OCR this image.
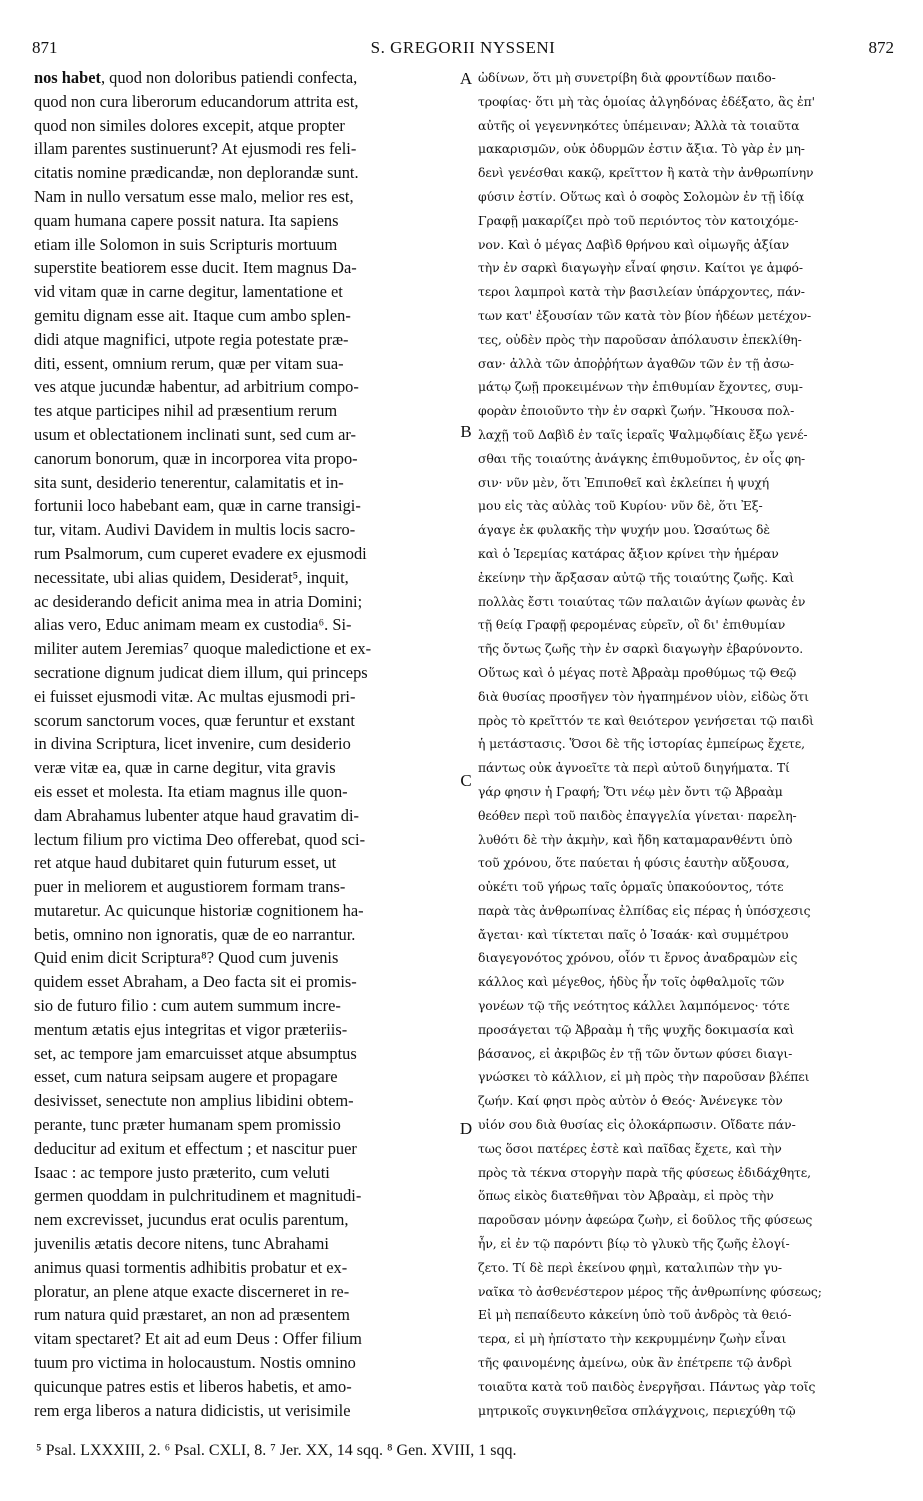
871	S. GREGORII NYSSENI	872
nos habet, quod non doloribus patiendi confecta,
quod non cura liberorum educandorum attrita est,
quod non similes dolores excepit, atque propter
illam parentes sustinuerunt? At ejusmodi res feli-
citatis nomine prædicandæ, non deplorandæ sunt.
Nam in nullo versatum esse malo, melior res est,
quam humana capere possit natura. Ita sapiens
etiam ille Solomon in suis Scripturis mortuum
superstite beatiorem esse ducit. Item magnus Da-
vid vitam quæ in carne degitur, lamentatione et
gemitu dignam esse ait. Itaque cum ambo splen-
didi atque magnifici, utpote regia potestate præ-
diti, essent, omnium rerum, quæ per vitam sua-
ves atque jucundæ habentur, ad arbitrium compo-
tes atque participes nihil ad præsentium rerum
usum et oblectationem inclinati sunt, sed cum ar-
canorum bonorum, quæ in incorporea vita propo-
sita sunt, desiderio tenerentur, calamitatis et in-
fortunii loco habebant eam, quæ in carne transigi-
tur, vitam. Audivi Davidem in multis locis sacro-
rum Psalmorum, cum cuperet evadere ex ejusmodi
necessitate, ubi alias quidem, Desiderat⁵, inquit,
ac desiderando deficit anima mea in atria Domini;
alias vero, Educ animam meam ex custodia⁶. Si-
militer autem Jeremias⁷ quoque maledictione et ex-
secratione dignum judicat diem illum, qui princeps
ei fuisset ejusmodi vitæ. Ac multas ejusmodi pri-
scorum sanctorum voces, quæ feruntur et exstant
in divina Scriptura, licet invenire, cum desiderio
veræ vitæ ea, quæ in carne degitur, vita gravis
eis esset et molesta. Ita etiam magnus ille quon-
dam Abrahamus lubenter atque haud gravatim di-
lectum filium pro victima Deo offerebat, quod sci-
ret atque haud dubitaret quin futurum esset, ut
puer in meliorem et augustiorem formam trans-
mutaretur. Ac quicunque historiæ cognitionem ha-
betis, omnino non ignoratis, quæ de eo narrantur.
Quid enim dicit Scriptura⁸? Quod cum juvenis
quidem esset Abraham, a Deo facta sit ei promis-
sio de futuro filio : cum autem summum incre-
mentum ætatis ejus integritas et vigor præteriis-
set, ac tempore jam emarcuisset atque absumptus
esset, cum natura seipsam augere et propagare
desivisset, senectute non amplius libidini obtem-
perante, tunc præter humanam spem promissio
deducitur ad exitum et effectum ; et nascitur puer
Isaac : ac tempore justo præterito, cum veluti
germen quoddam in pulchritudinem et magnitudi-
nem excrevisset, jucundus erat oculis parentum,
juvenilis ætatis decore nitens, tunc Abrahami
animus quasi tormentis adhibitis probatur et ex-
ploratur, an plene atque exacte discerneret in re-
rum natura quid præstaret, an non ad præsentem
vitam spectaret? Et ait ad eum Deus : Offer filium
tuum pro victima in holocaustum. Nostis omnino
quicunque patres estis et liberos habetis, et amo-
rem erga liberos a natura didicistis, ut verisimile
A
B
C
D
ὠδίνων, ὅτι μὴ συνετρίβη διὰ φροντίδων παιδο-
τροφίας· ὅτι μὴ τὰς ὁμοίας ἀλγηδόνας ἐδέξατο, ἃς ἐπ'
αὐτῆς οἱ γεγεννηκότες ὑπέμειναν; Ἀλλὰ τὰ τοιαῦτα
μακαρισμῶν, οὐκ ὀδυρμῶν ἐστιν ἄξια. Τὸ γὰρ ἐν μη-
δενὶ γενέσθαι κακῷ, κρεῖττον ἢ κατὰ τὴν ἀνθρωπίνην
φύσιν ἐστίν. Οὕτως καὶ ὁ σοφὸς Σολομὼν ἐν τῇ ἰδίᾳ
Γραφῇ μακαρίζει πρὸ τοῦ περιόντος τὸν κατοιχόμε-
νον. Καὶ ὁ μέγας Δαβὶδ θρήνου καὶ οἰμωγῆς ἀξίαν
τὴν ἐν σαρκὶ διαγωγὴν εἶναί φησιν. Καίτοι γε ἀμφό-
τεροι λαμπροὶ κατὰ τὴν βασιλείαν ὑπάρχοντες, πάν-
των κατ' ἐξουσίαν τῶν κατὰ τὸν βίον ἡδέων μετέχον-
τες, οὐδὲν πρὸς τὴν παροῦσαν ἀπόλαυσιν ἐπεκλίθη-
σαν· ἀλλὰ τῶν ἀποῤῥήτων ἀγαθῶν τῶν ἐν τῇ ἀσω-
μάτῳ ζωῇ προκειμένων τὴν ἐπιθυμίαν ἔχοντες, συμ-
φορὰν ἐποιοῦντο τὴν ἐν σαρκὶ ζωήν. Ἤκουσα πολ-
λαχῇ τοῦ Δαβὶδ ἐν ταῖς ἱεραῖς Ψαλμῳδίαις ἔξω γενέ-
σθαι τῆς τοιαύτης ἀνάγκης ἐπιθυμοῦντος, ἐν οἷς φη-
σιν· νῦν μὲν, ὅτι Ἐπιποθεῖ καὶ ἐκλείπει ἡ ψυχή
μου εἰς τὰς αὐλὰς τοῦ Κυρίου· νῦν δὲ, ὅτι Ἐξ-
άγαγε ἐκ φυλακῆς τὴν ψυχήν μου. Ὡσαύτως δὲ
καὶ ὁ Ἱερεμίας κατάρας ἄξιον κρίνει τὴν ἡμέραν
ἐκείνην τὴν ἄρξασαν αὐτῷ τῆς τοιαύτης ζωῆς. Καὶ
πολλὰς ἔστι τοιαύτας τῶν παλαιῶν ἁγίων φωνὰς ἐν
τῇ θείᾳ Γραφῇ φερομένας εὑρεῖν, οἳ δι' ἐπιθυμίαν
τῆς ὄντως ζωῆς τὴν ἐν σαρκὶ διαγωγὴν ἐβαρύνοντο.
Οὕτως καὶ ὁ μέγας ποτὲ Ἀβραὰμ προθύμως τῷ Θεῷ
διὰ θυσίας προσῆγεν τὸν ἠγαπημένον υἱὸν, εἰδὼς ὅτι
πρὸς τὸ κρεῖττόν τε καὶ θειότερον γενήσεται τῷ παιδὶ
ἡ μετάστασις. Ὅσοι δὲ τῆς ἱστορίας ἐμπείρως ἔχετε,
πάντως οὐκ ἀγνοεῖτε τὰ περὶ αὐτοῦ διηγήματα. Τί
γάρ φησιν ἡ Γραφή; Ὅτι νέῳ μὲν ὄντι τῷ Ἀβραὰμ
θεόθεν περὶ τοῦ παιδὸς ἐπαγγελία γίνεται· παρελη-
λυθότι δὲ τὴν ἀκμὴν, καὶ ἤδη καταμαρανθέντι ὑπὸ
τοῦ χρόνου, ὅτε παύεται ἡ φύσις ἑαυτὴν αὔξουσα,
οὐκέτι τοῦ γήρως ταῖς ὁρμαῖς ὑπακούοντος, τότε
παρὰ τὰς ἀνθρωπίνας ἐλπίδας εἰς πέρας ἡ ὑπόσχεσις
ἄγεται· καὶ τίκτεται παῖς ὁ Ἰσαάκ· καὶ συμμέτρου
διαγεγονότος χρόνου, οἷόν τι ἔρνος ἀναδραμὼν εἰς
κάλλος καὶ μέγεθος, ἡδὺς ἦν τοῖς ὀφθαλμοῖς τῶν
γονέων τῷ τῆς νεότητος κάλλει λαμπόμενος· τότε
προσάγεται τῷ Ἀβραὰμ ἡ τῆς ψυχῆς δοκιμασία καὶ
βάσανος, εἰ ἀκριβῶς ἐν τῇ τῶν ὄντων φύσει διαγι-
γνώσκει τὸ κάλλιον, εἰ μὴ πρὸς τὴν παροῦσαν βλέπει
ζωήν. Καί φησι πρὸς αὐτὸν ὁ Θεός· Ἀνένεγκε τὸν
υἱόν σου διὰ θυσίας εἰς ὁλοκάρπωσιν. Οἴδατε πάν-
τως ὅσοι πατέρες ἐστὲ καὶ παῖδας ἔχετε, καὶ τὴν
πρὸς τὰ τέκνα στοργὴν παρὰ τῆς φύσεως ἐδιδάχθητε,
ὅπως εἰκὸς διατεθῆναι τὸν Ἀβραὰμ, εἰ πρὸς τὴν
παροῦσαν μόνην ἀφεώρα ζωὴν, εἰ δοῦλος τῆς φύσεως
ἦν, εἰ ἐν τῷ παρόντι βίῳ τὸ γλυκὺ τῆς ζωῆς ἐλογί-
ζετο. Τί δὲ περὶ ἐκείνου φημὶ, καταλιπὼν τὴν γυ-
ναῖκα τὸ ἀσθενέστερον μέρος τῆς ἀνθρωπίνης φύσεως;
Εἰ μὴ πεπαίδευτο κἀκείνη ὑπὸ τοῦ ἀνδρὸς τὰ θειό-
τερα, εἰ μὴ ἠπίστατο τὴν κεκρυμμένην ζωὴν εἶναι
τῆς φαινομένης ἀμείνω, οὐκ ἂν ἐπέτρεπε τῷ ἀνδρὶ
τοιαῦτα κατὰ τοῦ παιδὸς ἐνεργῆσαι. Πάντως γὰρ τοῖς
μητρικοῖς συγκινηθεῖσα σπλάγχνοις, περιεχύθη τῷ
⁵ Psal. LXXXIII, 2. ⁶ Psal. CXLI, 8. ⁷ Jer. XX, 14 sqq. ⁸ Gen. XVIII, 1 sqq.
